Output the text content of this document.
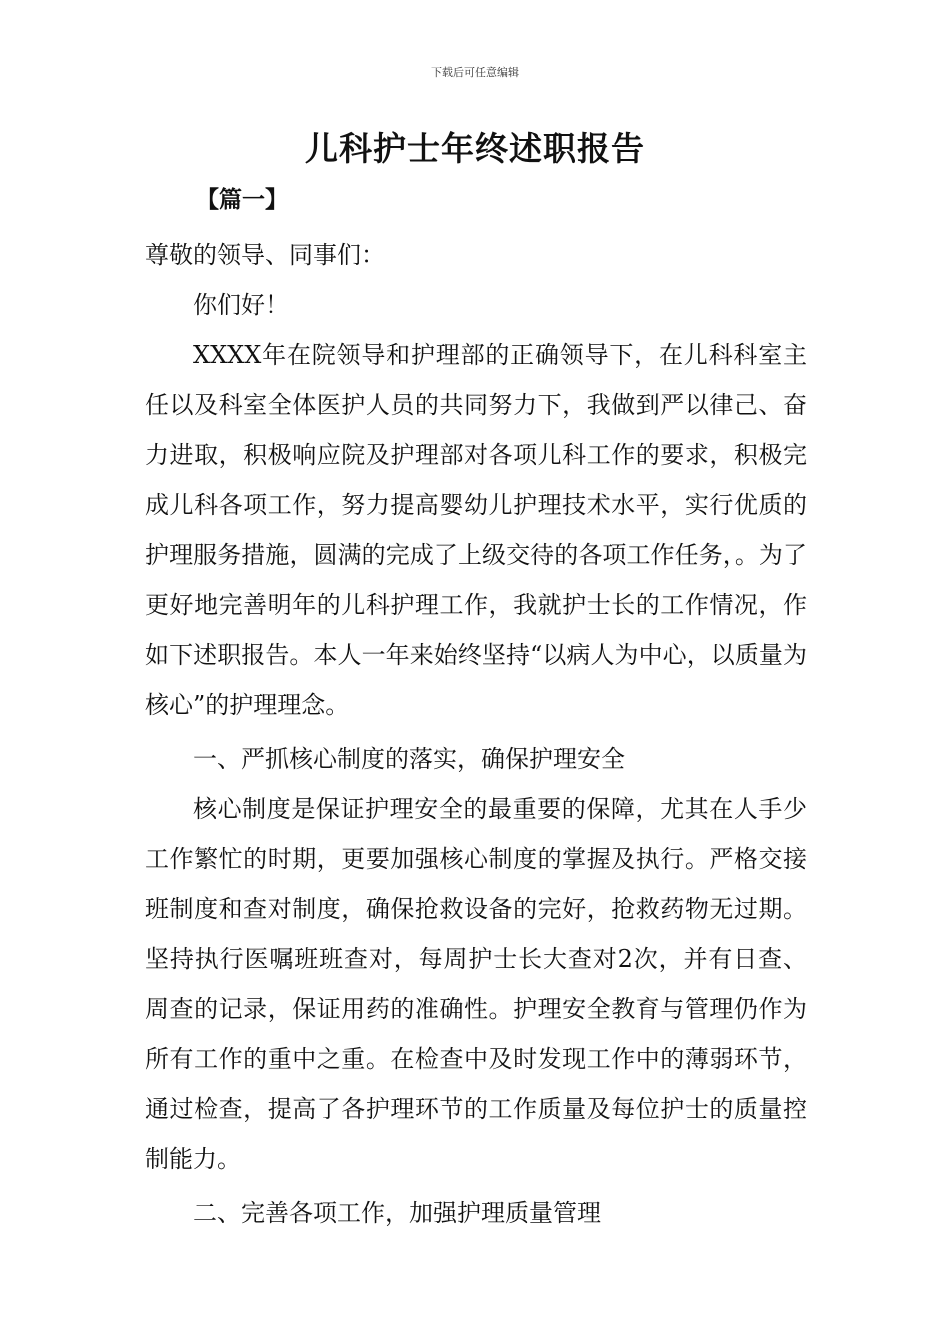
下载后可任意编辑
儿科护士年终述职报告
【篇一】

尊敬的领导、同事们：

你们好！

XXXX年在院领导和护理部的正确领导下，在儿科科室主任以及科室全体医护人员的共同努力下，我做到严以律己、奋力进取，积极响应院及护理部对各项儿科工作的要求，积极完成儿科各项工作，努力提高婴幼儿护理技术水平，实行优质的护理服务措施，圆满的完成了上级交待的各项工作任务，。为了更好地完善明年的儿科护理工作，我就护士长的工作情况，作如下述职报告。本人一年来始终坚持“以病人为中心，以质量为核心”的护理理念。

一、严抓核心制度的落实，确保护理安全

核心制度是保证护理安全的最重要的保障，尤其在人手少工作繁忙的时期，更要加强核心制度的掌握及执行。严格交接班制度和查对制度，确保抢救设备的完好，抢救药物无过期。坚持执行医嘱班班查对，每周护士长大查对2次，并有日查、周查的记录，保证用药的准确性。护理安全教育与管理仍作为所有工作的重中之重。在检查中及时发现工作中的薄弱环节，通过检查，提高了各护理环节的工作质量及每位护士的质量控制能力。

二、完善各项工作，加强护理质量管理
